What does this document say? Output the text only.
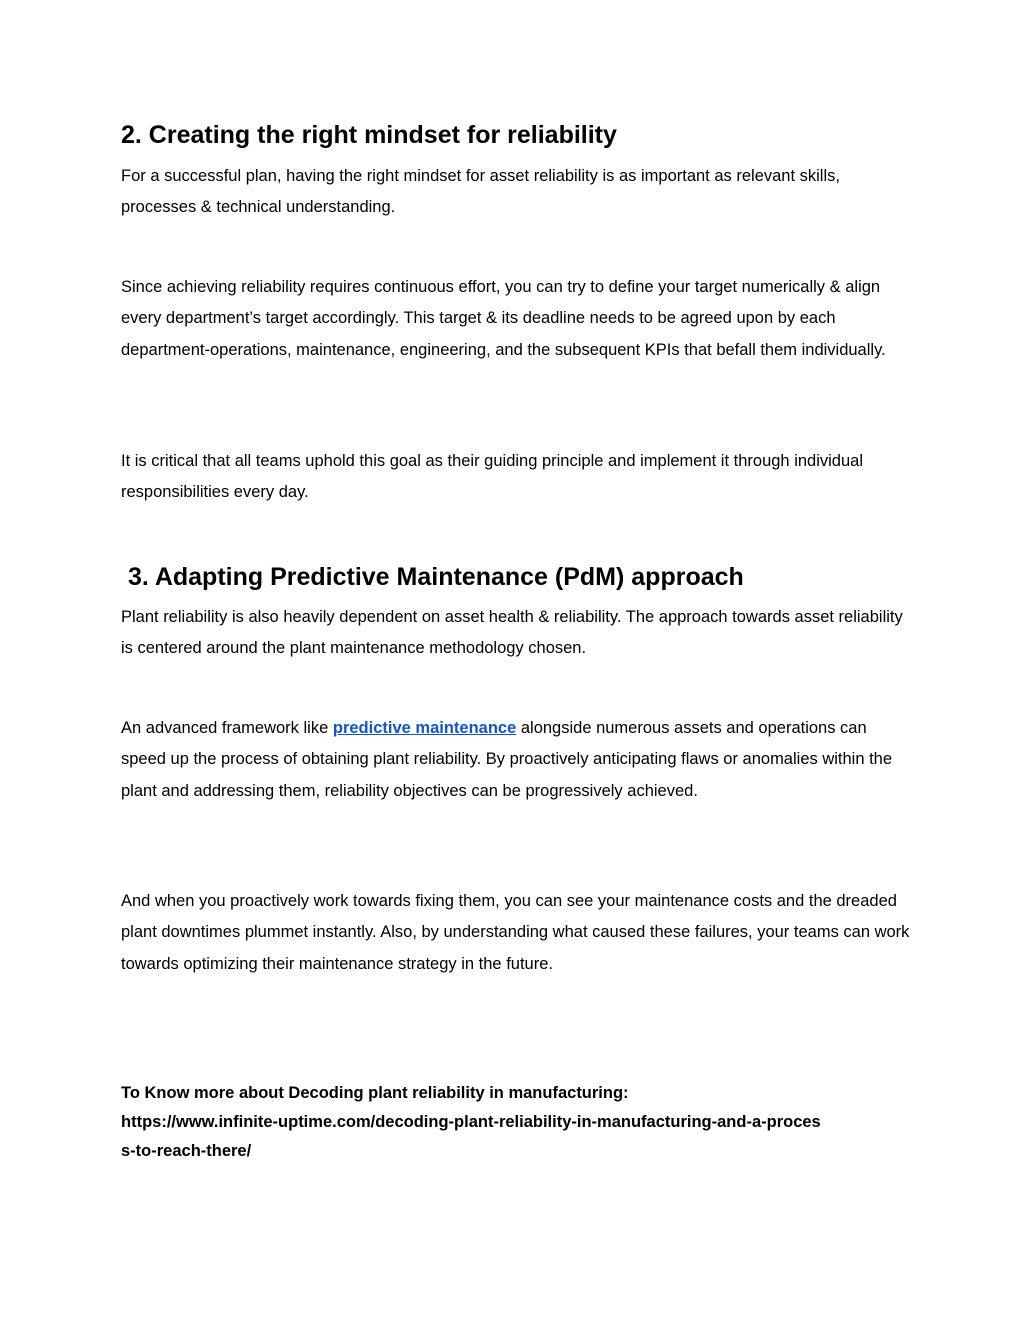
2. Creating the right mindset for reliability

For a successful plan, having the right mindset for asset reliability is as important as relevant skills, processes & technical understanding.

Since achieving reliability requires continuous effort, you can try to define your target numerically & align every department’s target accordingly. This target & its deadline needs to be agreed upon by each department-operations, maintenance, engineering, and the subsequent KPIs that befall them individually.

It is critical that all teams uphold this goal as their guiding principle and implement it through individual responsibilities every day.

3. Adapting Predictive Maintenance (PdM) approach

Plant reliability is also heavily dependent on asset health & reliability. The approach towards asset reliability is centered around the plant maintenance methodology chosen.

An advanced framework like predictive maintenance alongside numerous assets and operations can speed up the process of obtaining plant reliability. By proactively anticipating flaws or anomalies within the plant and addressing them, reliability objectives can be progressively achieved.

And when you proactively work towards fixing them, you can see your maintenance costs and the dreaded plant downtimes plummet instantly. Also, by understanding what caused these failures, your teams can work towards optimizing their maintenance strategy in the future.

To Know more about Decoding plant reliability in manufacturing:
https://www.infinite-uptime.com/decoding-plant-reliability-in-manufacturing-and-a-proces
s-to-reach-there/
